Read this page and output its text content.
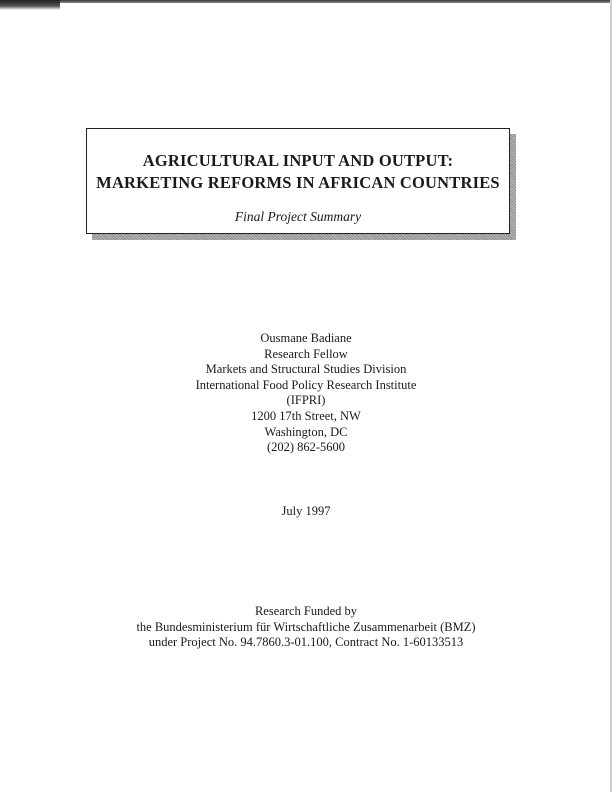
AGRICULTURAL INPUT AND OUTPUT:

MARKETING REFORMS IN AFRICAN COUNTRIES

Final Project Summary
Ousmane Badiane
Research Fellow
Markets and Structural Studies Division
International Food Policy Research Institute
(IFPRI)
1200 17th Street, NW
Washington, DC
(202) 862-5600
July 1997
Research Funded by
the Bundesministerium für Wirtschaftliche Zusammenarbeit (BMZ)
under Project No. 94.7860.3-01.100, Contract No. 1-60133513
